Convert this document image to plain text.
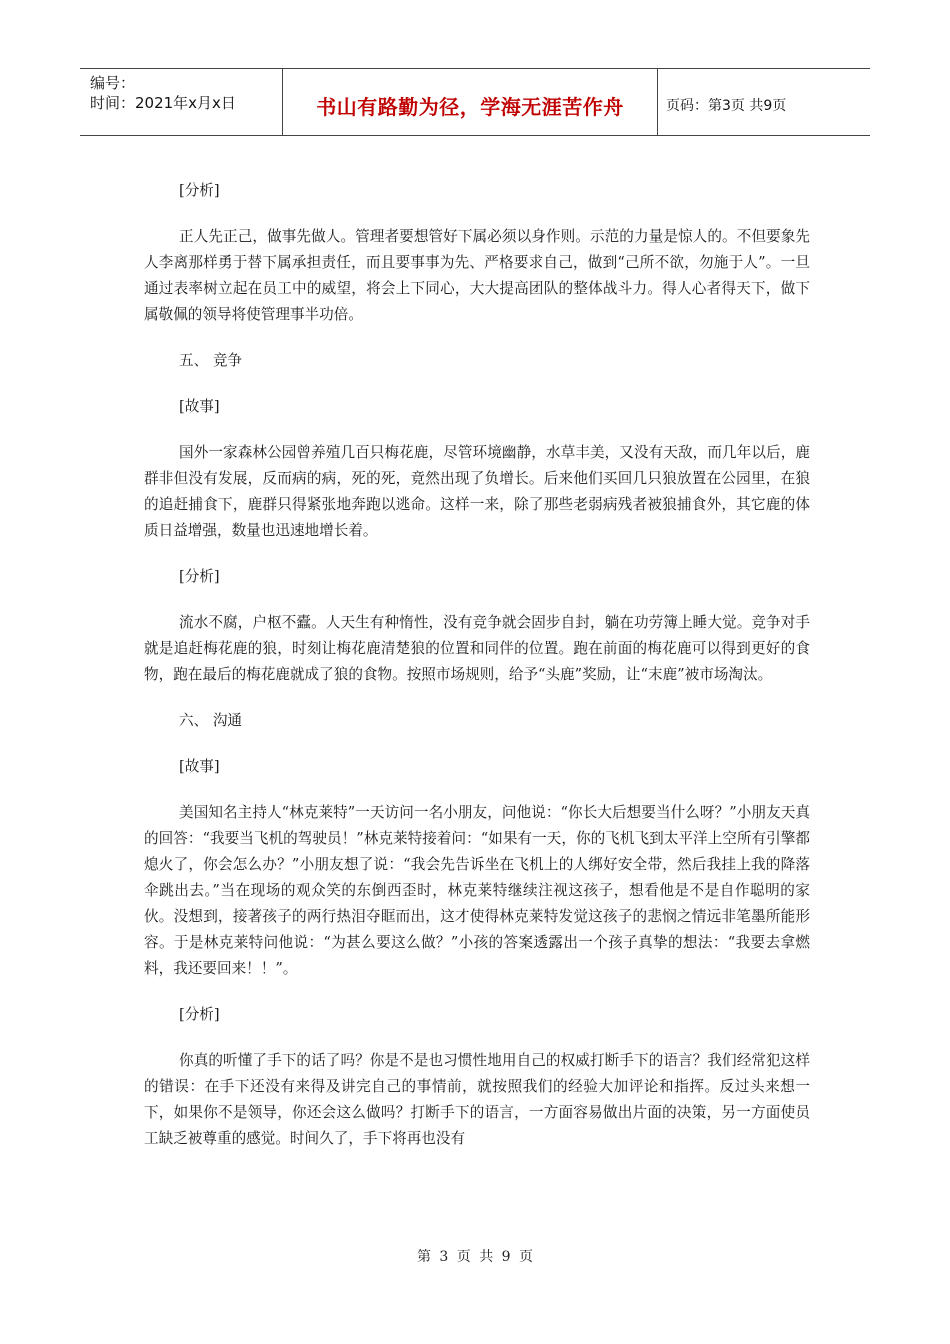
编号：
时间：2021年x月x日	书山有路勤为径，学海无涯苦作舟	页码：第3页 共9页

[分析]

正人先正己，做事先做人。管理者要想管好下属必须以身作则。示范的力量是惊人的。不但要象先人李离那样勇于替下属承担责任，而且要事事为先、严格要求自己，做到“己所不欲，勿施于人”。一旦通过表率树立起在员工中的威望，将会上下同心，大大提高团队的整体战斗力。得人心者得天下，做下属敬佩的领导将使管理事半功倍。

五、 竞争

[故事]

国外一家森林公园曾养殖几百只梅花鹿，尽管环境幽静，水草丰美，又没有天敌，而几年以后，鹿群非但没有发展，反而病的病，死的死，竟然出现了负增长。后来他们买回几只狼放置在公园里，在狼的追赶捕食下，鹿群只得紧张地奔跑以逃命。这样一来，除了那些老弱病残者被狼捕食外，其它鹿的体质日益增强，数量也迅速地增长着。

[分析]

流水不腐，户枢不蠹。人天生有种惰性，没有竞争就会固步自封，躺在功劳簿上睡大觉。竞争对手就是追赶梅花鹿的狼，时刻让梅花鹿清楚狼的位置和同伴的位置。跑在前面的梅花鹿可以得到更好的食物，跑在最后的梅花鹿就成了狼的食物。按照市场规则，给予“头鹿”奖励，让“末鹿”被市场淘汰。

六、 沟通

[故事]

美国知名主持人“林克莱特”一天访问一名小朋友，问他说：“你长大后想要当什么呀？”小朋友天真的回答：“我要当飞机的驾驶员！”林克莱特接着问：“如果有一天，你的飞机飞到太平洋上空所有引擎都熄火了，你会怎么办？”小朋友想了说：“我会先告诉坐在飞机上的人绑好安全带，然后我挂上我的降落伞跳出去。”当在现场的观众笑的东倒西歪时，林克莱特继续注视这孩子，想看他是不是自作聪明的家伙。没想到，接著孩子的两行热泪夺眶而出，这才使得林克莱特发觉这孩子的悲悯之情远非笔墨所能形容。于是林克莱特问他说：“为甚么要这么做？”小孩的答案透露出一个孩子真挚的想法：“我要去拿燃料，我还要回来！！”。

[分析]

你真的听懂了手下的话了吗？你是不是也习惯性地用自己的权威打断手下的语言？我们经常犯这样的错误：在手下还没有来得及讲完自己的事情前，就按照我们的经验大加评论和指挥。反过头来想一下，如果你不是领导，你还会这么做吗？打断手下的语言，一方面容易做出片面的决策，另一方面使员工缺乏被尊重的感觉。时间久了，手下将再也没有

第 3 页 共 9 页
